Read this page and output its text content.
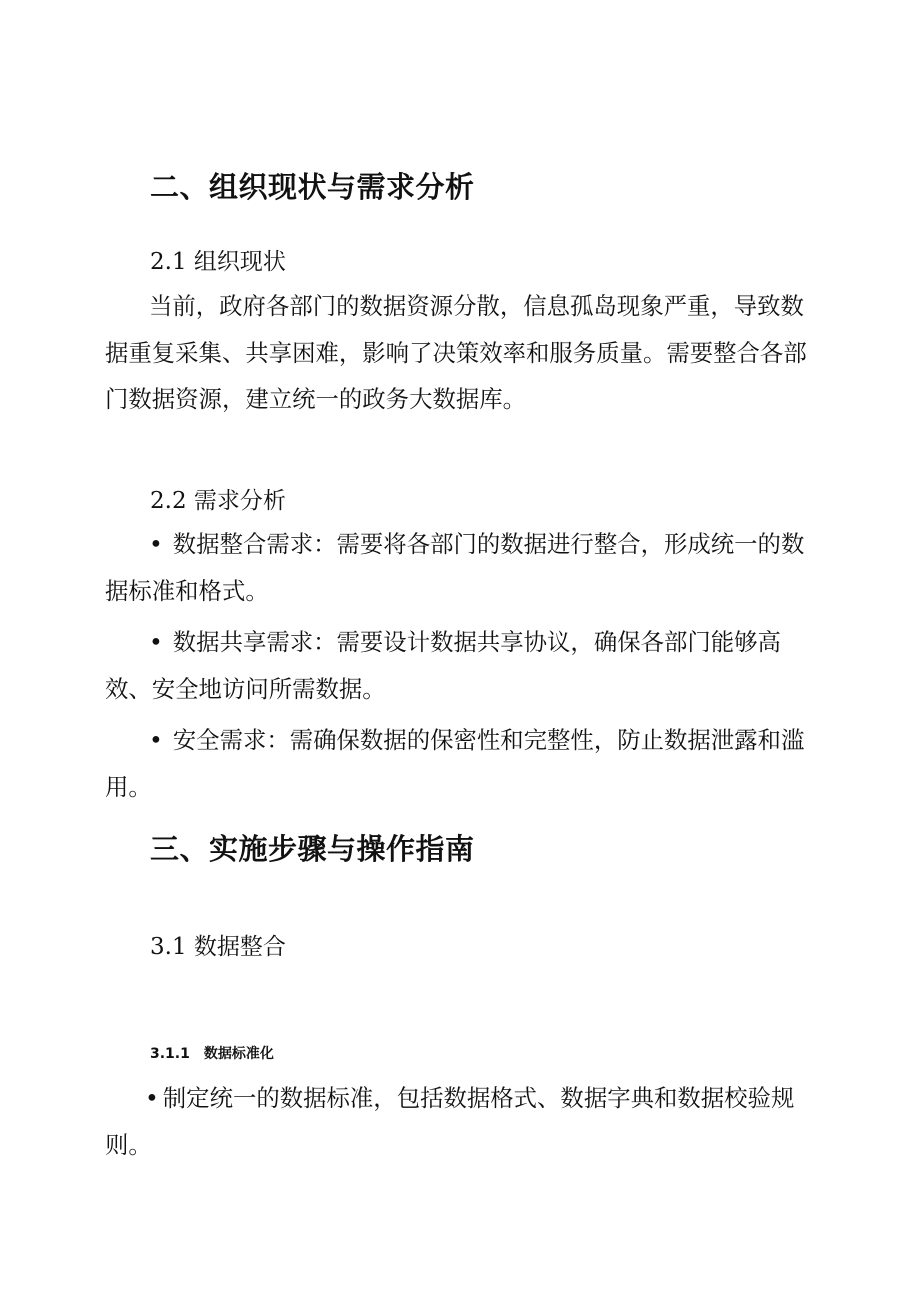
二、组织现状与需求分析
2.1 组织现状

当前，政府各部门的数据资源分散，信息孤岛现象严重，导致数据重复采集、共享困难，影响了决策效率和服务质量。需要整合各部门数据资源，建立统一的政务大数据库。

2.2 需求分析

• 数据整合需求：需要将各部门的数据进行整合，形成统一的数据标准和格式。

• 数据共享需求：需要设计数据共享协议，确保各部门能够高效、安全地访问所需数据。

• 安全需求：需确保数据的保密性和完整性，防止数据泄露和滥用。

三、实施步骤与操作指南
3.1 数据整合
3.1.1　数据标准化

• 制定统一的数据标准，包括数据格式、数据字典和数据校验规则。
